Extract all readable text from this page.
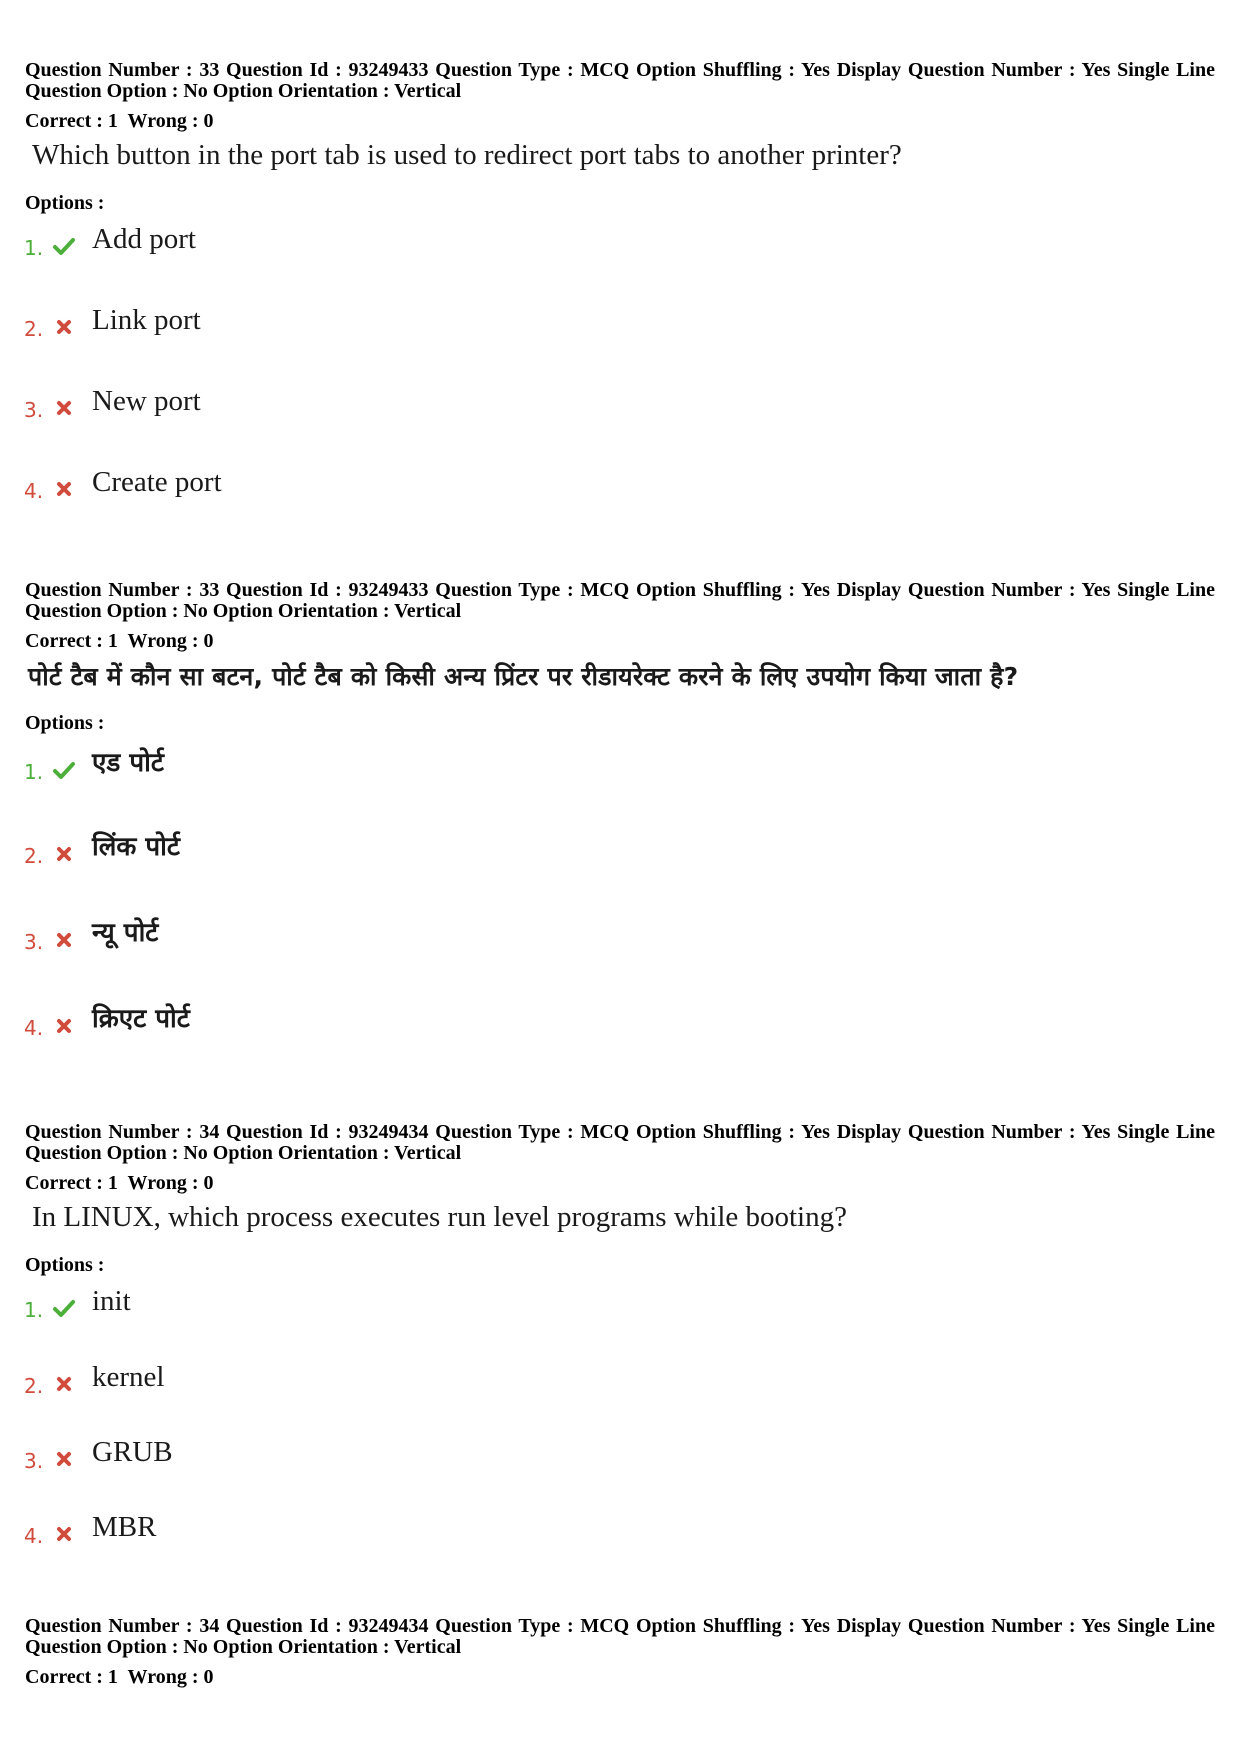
Question Number : 33 Question Id : 93249433 Question Type : MCQ Option Shuffling : Yes Display Question Number : Yes Single Line Question Option : No Option Orientation : Vertical
Correct : 1  Wrong : 0
Which button in the port tab is used to redirect port tabs to another printer?
Options :
1. Add port
2. Link port
3. New port
4. Create port
Question Number : 33 Question Id : 93249433 Question Type : MCQ Option Shuffling : Yes Display Question Number : Yes Single Line Question Option : No Option Orientation : Vertical
Correct : 1  Wrong : 0
पोर्ट टैब में कौन सा बटन, पोर्ट टैब को किसी अन्य प्रिंटर पर रीडायरेक्ट करने के लिए उपयोग किया जाता है?
Options :
1. एड पोर्ट
2. लिंक पोर्ट
3. न्यू पोर्ट
4. क्रिएट पोर्ट
Question Number : 34 Question Id : 93249434 Question Type : MCQ Option Shuffling : Yes Display Question Number : Yes Single Line Question Option : No Option Orientation : Vertical
Correct : 1  Wrong : 0
In LINUX, which process executes run level programs while booting?
Options :
1. init
2. kernel
3. GRUB
4. MBR
Question Number : 34 Question Id : 93249434 Question Type : MCQ Option Shuffling : Yes Display Question Number : Yes Single Line Question Option : No Option Orientation : Vertical
Correct : 1  Wrong : 0
